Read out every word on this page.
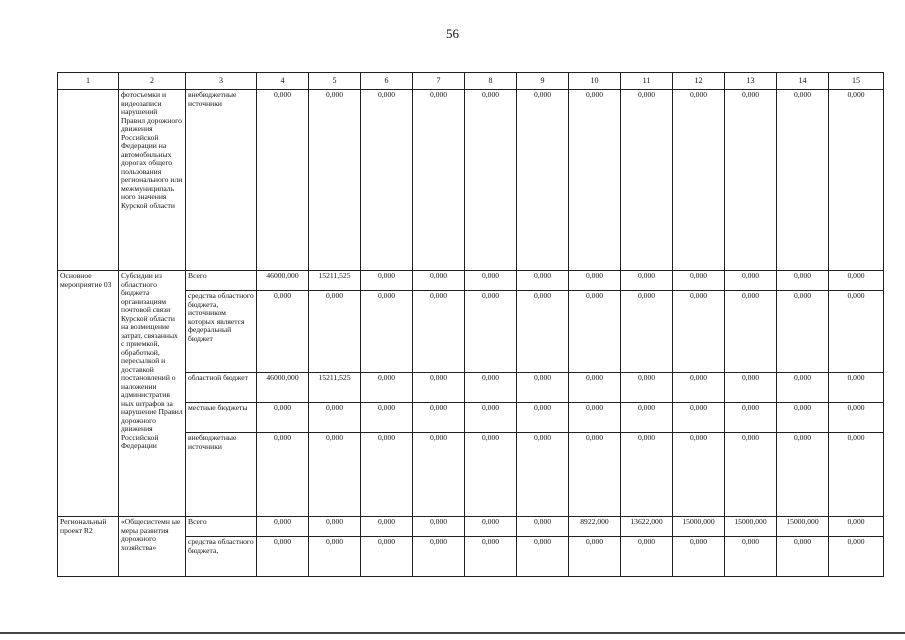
56
1	2	3	4	5	6	7	8	9	10	11	12	13	14	15
	фотосъемки и видеозаписи нарушений Правил дорожного движения Российской Федерации на автомобильных дорогах общего пользования регионального или межмуниципаль ного значения Курской области	внебюджетные источники	0,000	0,000	0,000	0,000	0,000	0,000	0,000	0,000	0,000	0,000	0,000	0,000
Основное мероприятие 03	Субсидии из областного бюджета организациям почтовой связи Курской области на возмещение затрат, связанных с приемкой, обработкой, пересылкой и доставкой постановлений о наложении административ ных штрафов за нарушение Правил дорожного движения Российской Федерации	Всего	46000,000	15211,525	0,000	0,000	0,000	0,000	0,000	0,000	0,000	0,000	0,000	0,000
		средства областного бюджета, источником которых является федеральный бюджет	0,000	0,000	0,000	0,000	0,000	0,000	0,000	0,000	0,000	0,000	0,000	0,000
		областной бюджет	46000,000	15211,525	0,000	0,000	0,000	0,000	0,000	0,000	0,000	0,000	0,000	0,000
		местные бюджеты	0,000	0,000	0,000	0,000	0,000	0,000	0,000	0,000	0,000	0,000	0,000	0,000
		внебюджетные источники	0,000	0,000	0,000	0,000	0,000	0,000	0,000	0,000	0,000	0,000	0,000	0,000
Региональный проект R2	«Общесистемн ые меры развития дорожного хозяйства»	Всего	0,000	0,000	0,000	0,000	0,000	0,000	8922,000	13622,000	15000,000	15000,000	15000,000	0,000
		средства областного бюджета,	0,000	0,000	0,000	0,000	0,000	0,000	0,000	0,000	0,000	0,000	0,000	0,000
